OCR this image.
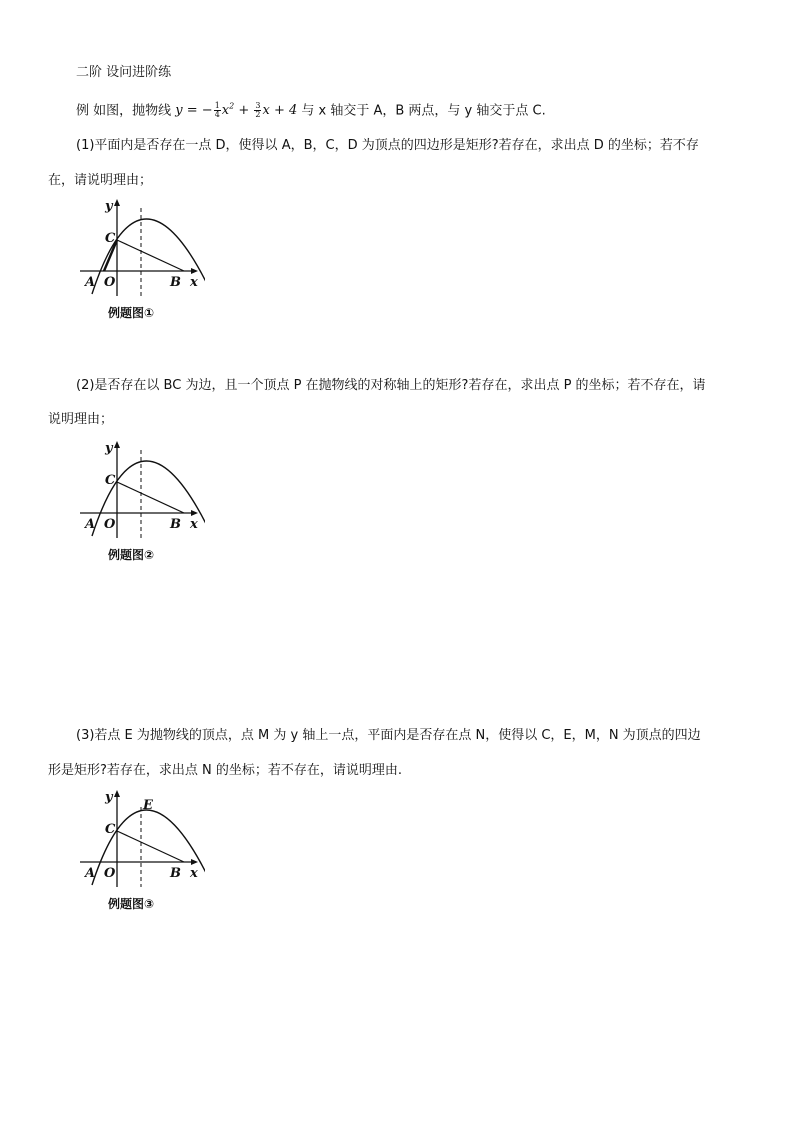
二阶 设问进阶练
例 如图，抛物线 y = − $\frac{1}{4} x^2 + \frac{3}{2}$ x + 4 与 x 轴交于 A，B 两点，与 y 轴交于点 C.
(1)平面内是否存在一点 D，使得以 A，B，C，D 为顶点的四边形是矩形?若存在，求出点 D 的坐标；若不存
在，请说明理由；
y
C
A O	B x
例题图①
(2)是否存在以 BC 为边，且一个顶点 P 在抛物线的对称轴上的矩形?若存在，求出点 P 的坐标；若不存在，请
说明理由；
y
C
A O	B x
例题图②
(3)若点 E 为抛物线的顶点，点 M 为 y 轴上一点，平面内是否存在点 N，使得以 C，E，M，N 为顶点的四边
形是矩形?若存在，求出点 N 的坐标；若不存在，请说明理由.
y
E
C
A O	B x
例题图③
